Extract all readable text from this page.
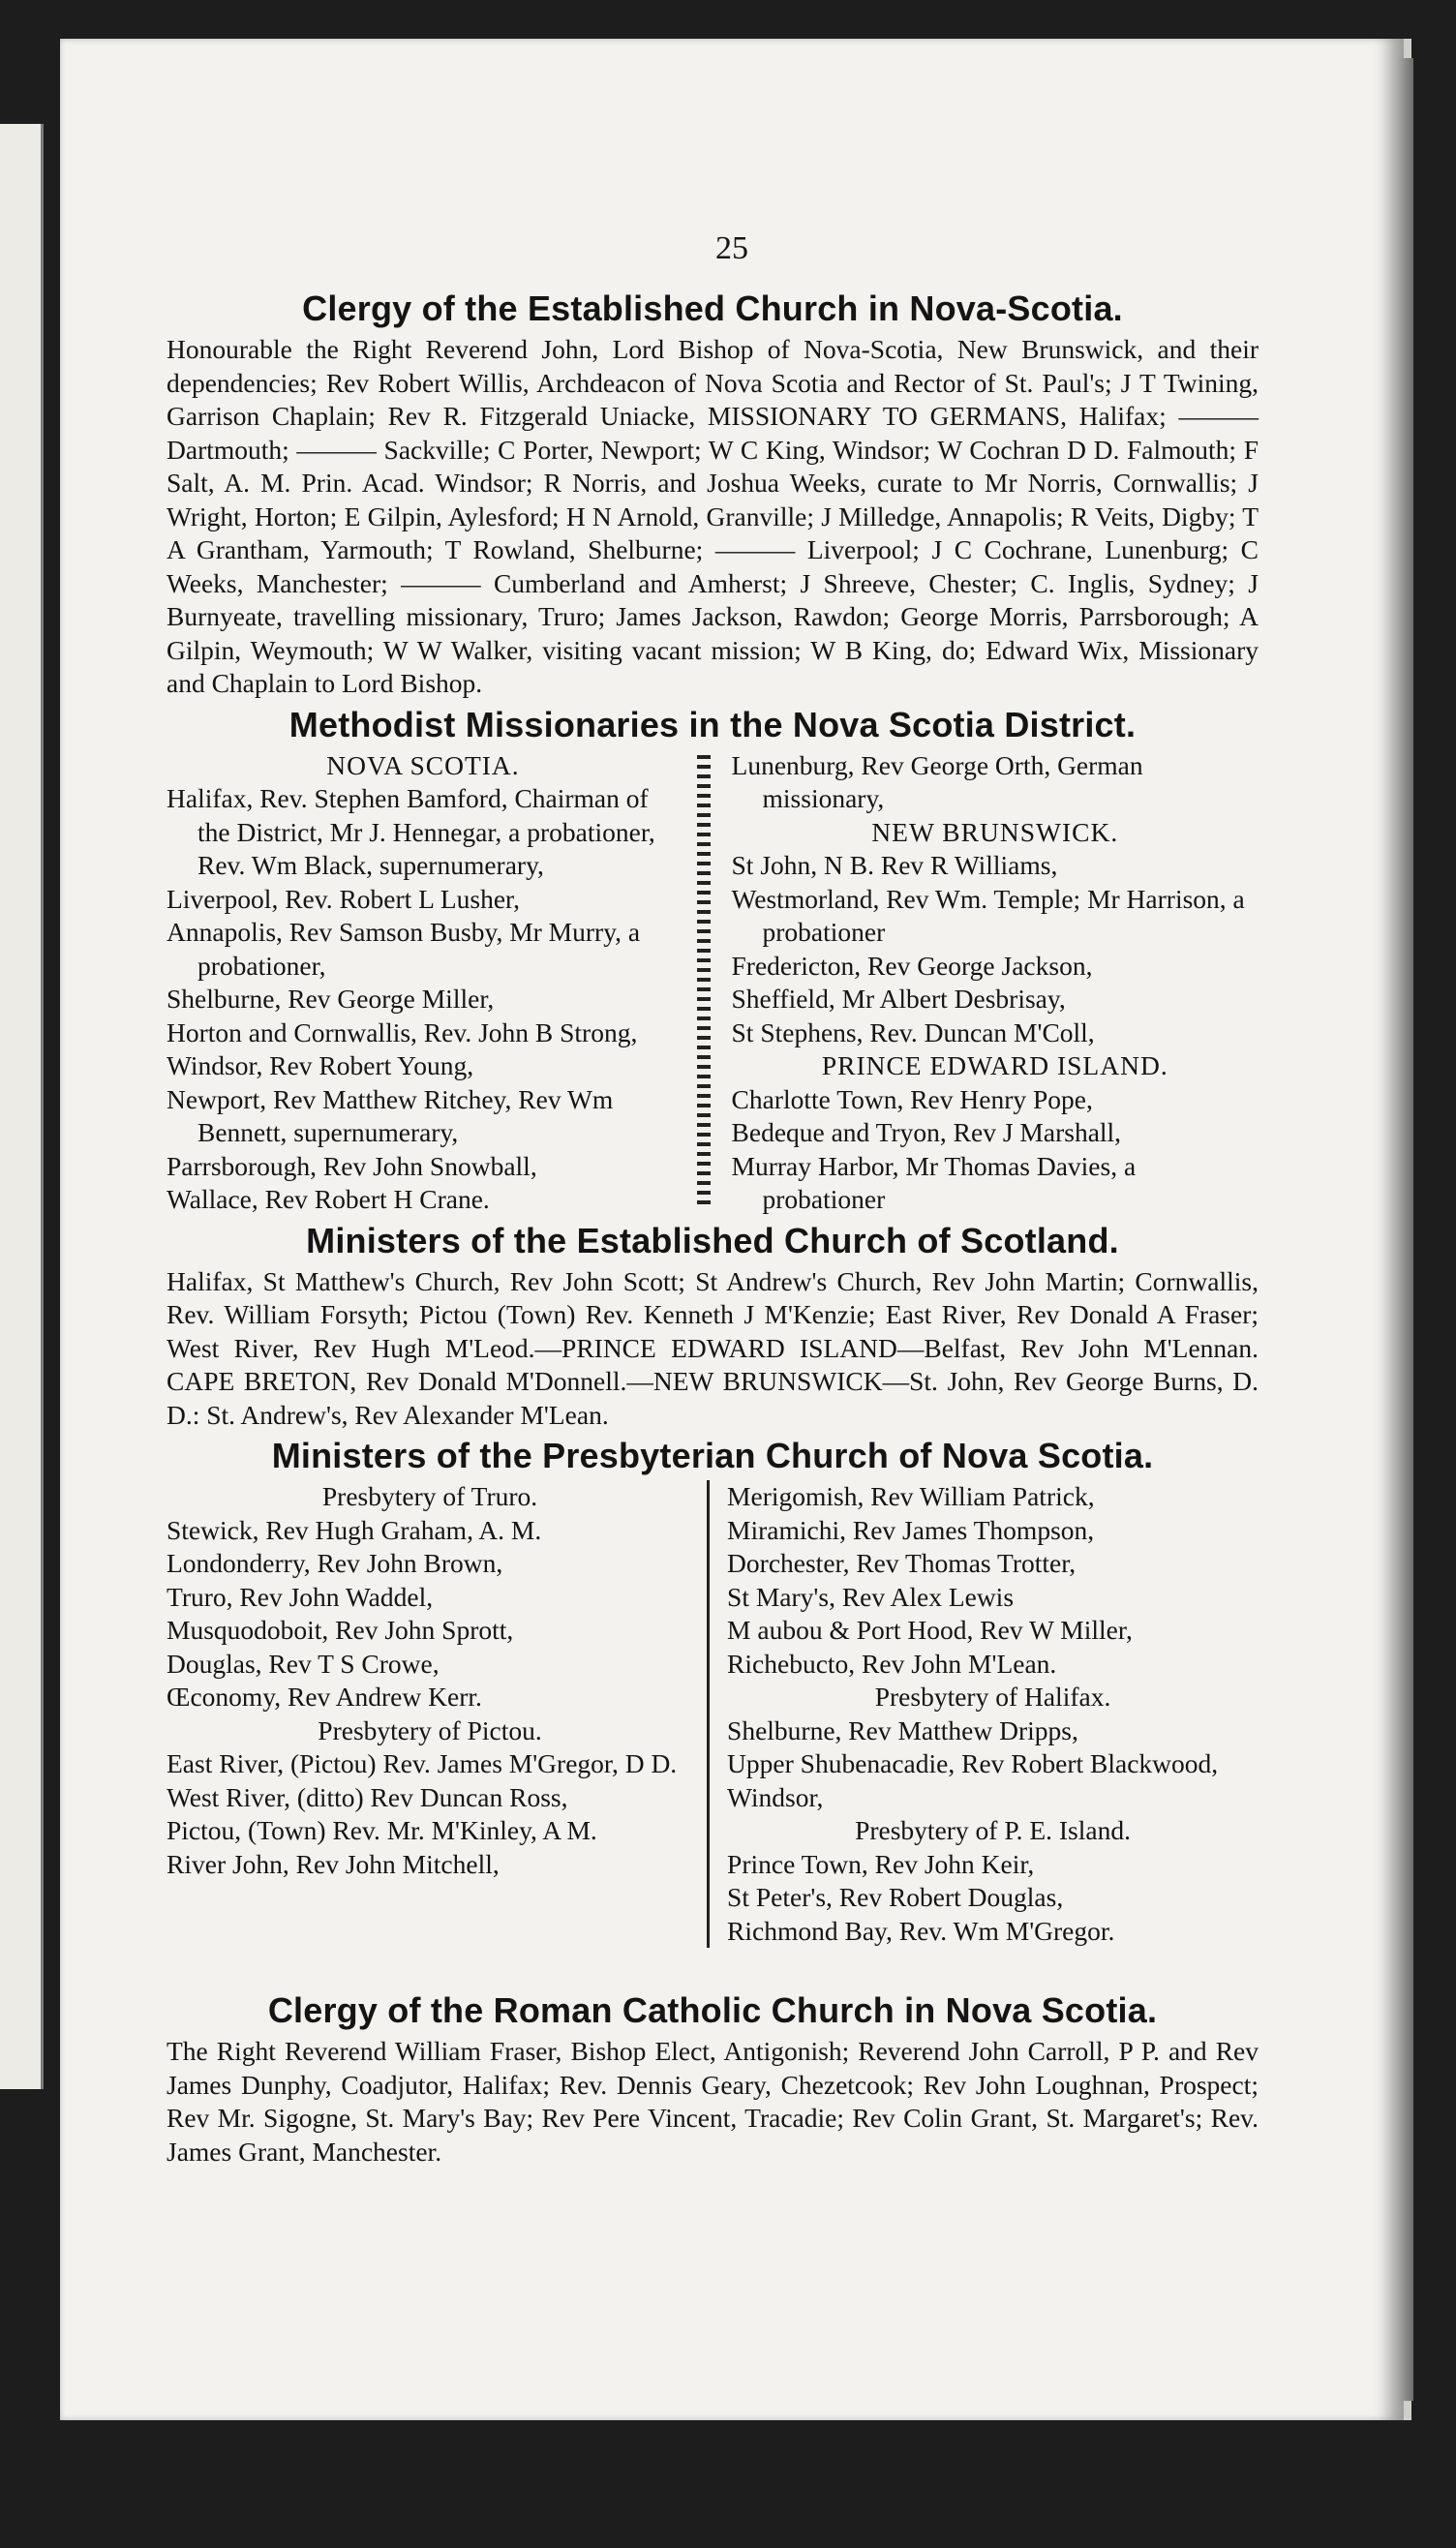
25
Clergy of the Established Church in Nova-Scotia.

Honourable the Right Reverend John, Lord Bishop of Nova-Scotia, New Brunswick, and their dependencies; Rev Robert Willis, Archdeacon of Nova Scotia and Rector of St. Paul's; J T Twining, Garrison Chaplain; Rev R. Fitzgerald Uniacke, MISSIONARY TO GERMANS, Halifax; ——— Dartmouth; ——— Sackville; C Porter, Newport; W C King, Windsor; W Cochran D D. Falmouth; F Salt, A. M. Prin. Acad. Windsor; R Norris, and Joshua Weeks, curate to Mr Norris, Cornwallis; J Wright, Horton; E Gilpin, Aylesford; H N Arnold, Granville; J Milledge, Annapolis; R Veits, Digby; T A Grantham, Yarmouth; T Rowland, Shelburne; ——— Liverpool; J C Cochrane, Lunenburg; C Weeks, Manchester; ——— Cumberland and Amherst; J Shreeve, Chester; C. Inglis, Sydney; J Burnyeate, travelling missionary, Truro; James Jackson, Rawdon; George Morris, Parrsborough; A Gilpin, Weymouth; W W Walker, visiting vacant mission; W B King, do; Edward Wix, Missionary and Chaplain to Lord Bishop.

Methodist Missionaries in the Nova Scotia District.
NOVA SCOTIA.
Halifax, Rev. Stephen Bamford, Chairman of the District, Mr J. Hennegar, a probationer, Rev. Wm Black, supernumerary,
Liverpool, Rev. Robert L Lusher,
Annapolis, Rev Samson Busby, Mr Murry, a probationer,
Shelburne, Rev George Miller,
Horton and Cornwallis, Rev. John B Strong,
Windsor, Rev Robert Young,
Newport, Rev Matthew Ritchey, Rev Wm Bennett, supernumerary,
Parrsborough, Rev John Snowball,
Wallace, Rev Robert H Crane.
Lunenburg, Rev George Orth, German missionary,
NEW BRUNSWICK.
St John, N B. Rev R Williams,
Westmorland, Rev Wm. Temple; Mr Harrison, a probationer
Fredericton, Rev George Jackson,
Sheffield, Mr Albert Desbrisay,
St Stephens, Rev. Duncan M'Coll,
PRINCE EDWARD ISLAND.
Charlotte Town, Rev Henry Pope,
Bedeque and Tryon, Rev J Marshall,
Murray Harbor, Mr Thomas Davies, a probationer
Ministers of the Established Church of Scotland.

Halifax, St Matthew's Church, Rev John Scott; St Andrew's Church, Rev John Martin; Cornwallis, Rev. William Forsyth; Pictou (Town) Rev. Kenneth J M'Kenzie; East River, Rev Donald A Fraser; West River, Rev Hugh M'Leod.—PRINCE EDWARD ISLAND—Belfast, Rev John M'Lennan. CAPE BRETON, Rev Donald M'Donnell.—NEW BRUNSWICK—St. John, Rev George Burns, D. D.: St. Andrew's, Rev Alexander M'Lean.

Ministers of the Presbyterian Church of Nova Scotia.
Presbytery of Truro.
Stewick, Rev Hugh Graham, A. M.
Londonderry, Rev John Brown,
Truro, Rev John Waddel,
Musquodoboit, Rev John Sprott,
Douglas, Rev T S Crowe,
Œconomy, Rev Andrew Kerr.
Presbytery of Pictou.
East River, (Pictou) Rev. James M'Gregor, D D.
West River, (ditto) Rev Duncan Ross,
Pictou, (Town) Rev. Mr. M'Kinley, A M.
River John, Rev John Mitchell,
Merigomish, Rev William Patrick,
Miramichi, Rev James Thompson,
Dorchester, Rev Thomas Trotter,
St Mary's, Rev Alex Lewis
M aubou & Port Hood, Rev W Miller,
Richebucto, Rev John M'Lean.
Presbytery of Halifax.
Shelburne, Rev Matthew Dripps,
Upper Shubenacadie, Rev Robert Blackwood,
Windsor,
Presbytery of P. E. Island.
Prince Town, Rev John Keir,
St Peter's, Rev Robert Douglas,
Richmond Bay, Rev. Wm M'Gregor.
Clergy of the Roman Catholic Church in Nova Scotia.

The Right Reverend William Fraser, Bishop Elect, Antigonish; Reverend John Carroll, P P. and Rev James Dunphy, Coadjutor, Halifax; Rev. Dennis Geary, Chezetcook; Rev John Loughnan, Prospect; Rev Mr. Sigogne, St. Mary's Bay; Rev Pere Vincent, Tracadie; Rev Colin Grant, St. Margaret's; Rev. James Grant, Manchester.
